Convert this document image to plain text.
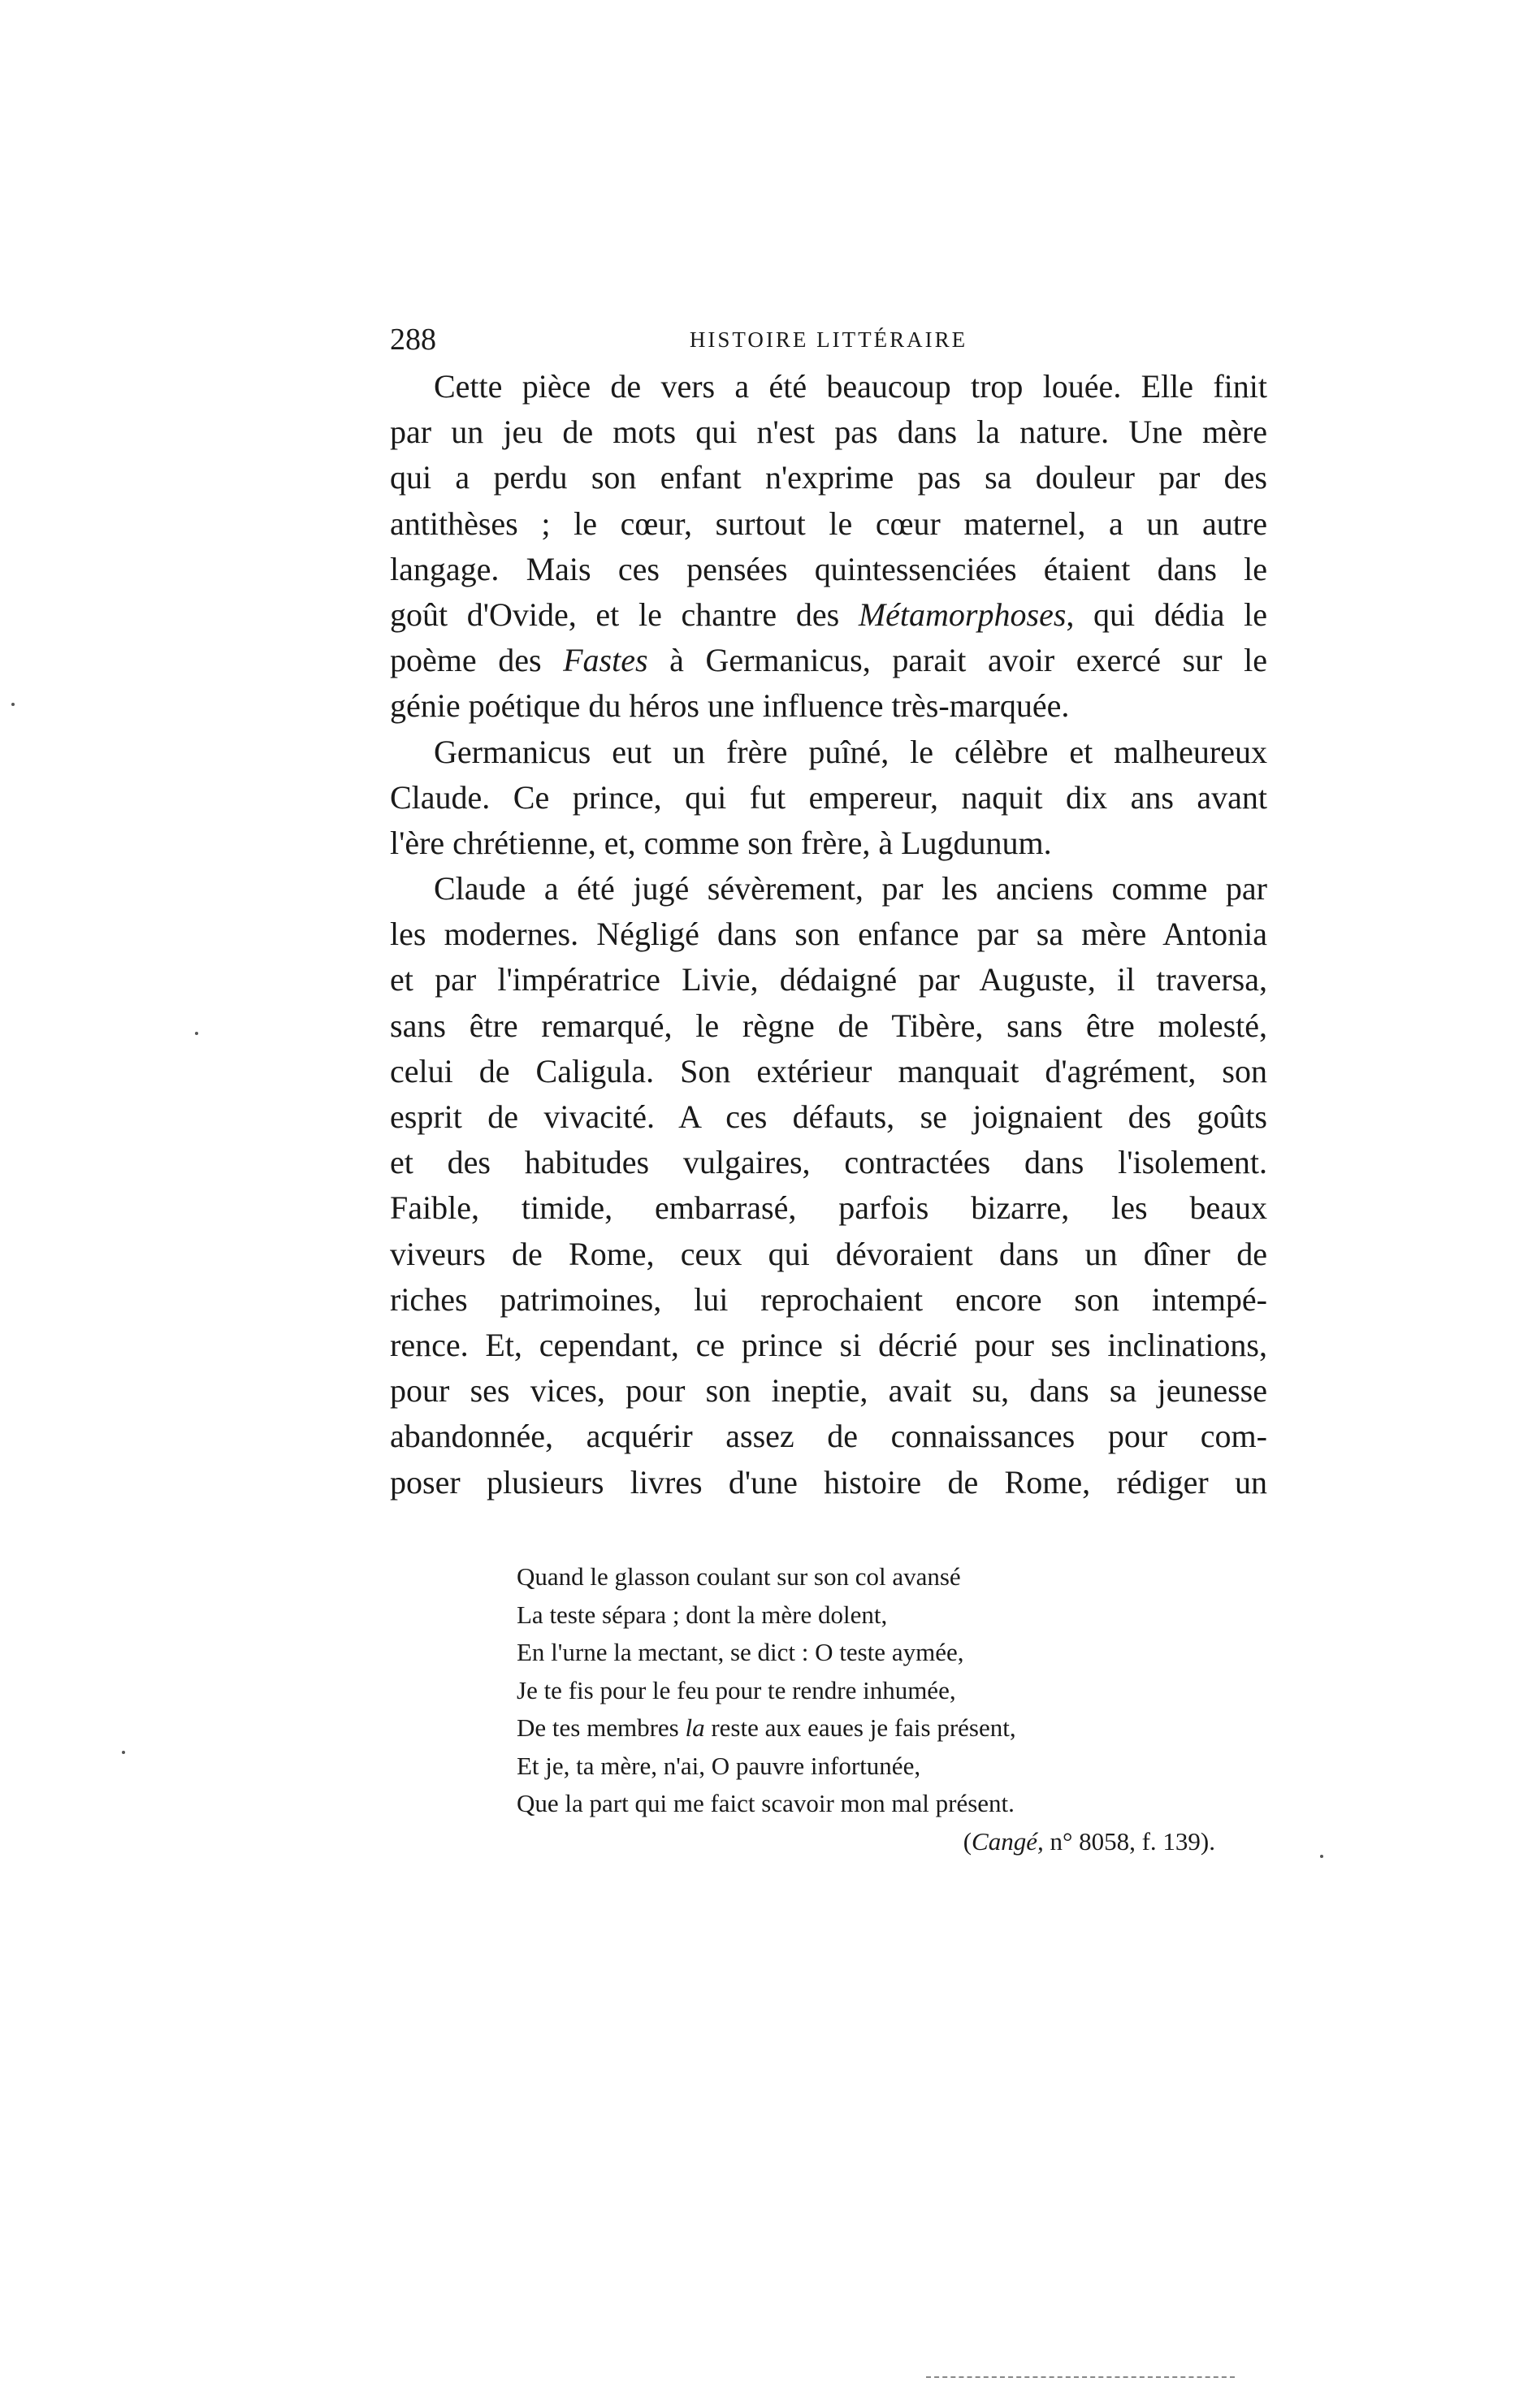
288	HISTOIRE LITTÉRAIRE
Cette pièce de vers a été beaucoup trop louée. Elle finit
par un jeu de mots qui n'est pas dans la nature. Une mère
qui a perdu son enfant n'exprime pas sa douleur par des
antithèses ; le cœur, surtout le cœur maternel, a un autre
langage. Mais ces pensées quintessenciées étaient dans le
goût d'Ovide, et le chantre des Métamorphoses, qui dédia le
poème des Fastes à Germanicus, parait avoir exercé sur le
génie poétique du héros une influence très-marquée.
Germanicus eut un frère puîné, le célèbre et malheureux
Claude. Ce prince, qui fut empereur, naquit dix ans avant
l'ère chrétienne, et, comme son frère, à Lugdunum.
Claude a été jugé sévèrement, par les anciens comme par
les modernes. Négligé dans son enfance par sa mère Antonia
et par l'impératrice Livie, dédaigné par Auguste, il traversa,
sans être remarqué, le règne de Tibère, sans être molesté,
celui de Caligula. Son extérieur manquait d'agrément, son
esprit de vivacité. A ces défauts, se joignaient des goûts
et des habitudes vulgaires, contractées dans l'isolement.
Faible, timide, embarrasé, parfois bizarre, les beaux
viveurs de Rome, ceux qui dévoraient dans un dîner de
riches patrimoines, lui reprochaient encore son intempé-
rence. Et, cependant, ce prince si décrié pour ses inclinations,
pour ses vices, pour son ineptie, avait su, dans sa jeunesse
abandonnée, acquérir assez de connaissances pour com-
poser plusieurs livres d'une histoire de Rome, rédiger un
Quand le glasson coulant sur son col avansé
La teste sépara ; dont la mère dolent,
En l'urne la mectant, se dict : O teste aymée,
Je te fis pour le feu pour te rendre inhumée,
De tes membres la reste aux eaues je fais présent,
Et je, ta mère, n'ai, O pauvre infortunée,
Que la part qui me faict scavoir mon mal présent.
(Cangé, n° 8058, f. 139).
